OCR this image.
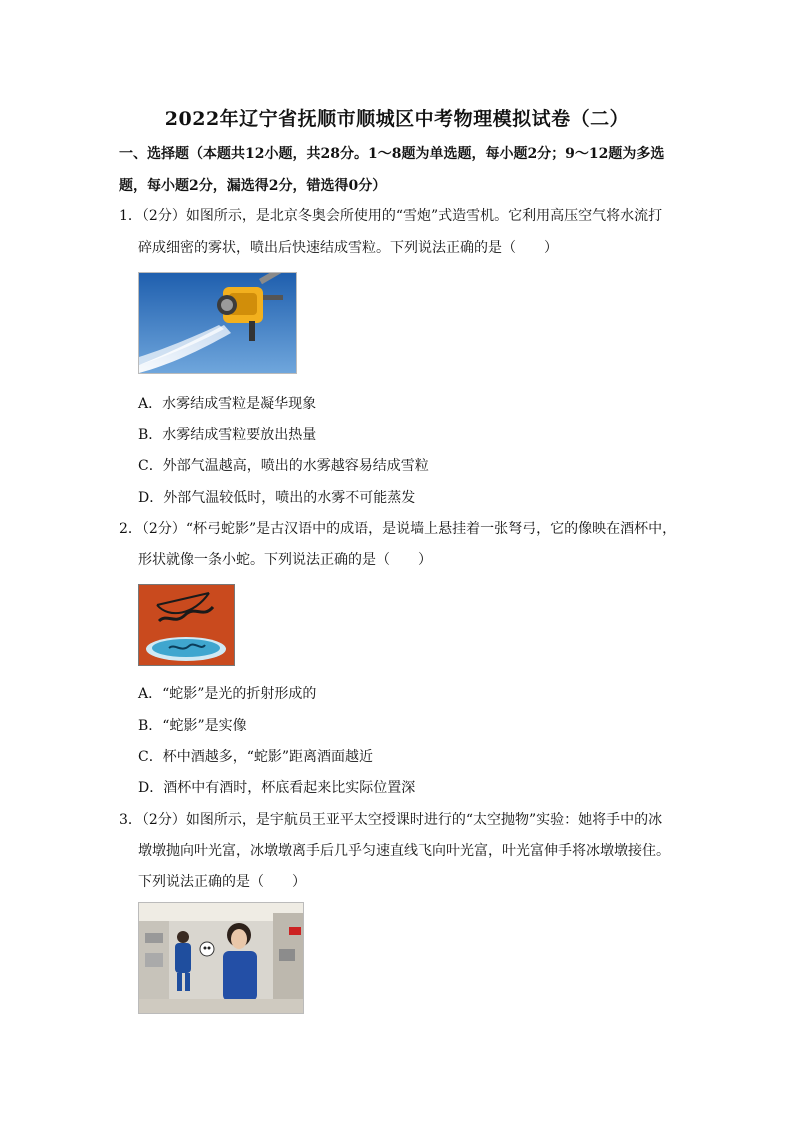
2022年辽宁省抚顺市顺城区中考物理模拟试卷（二）
一、选择题（本题共12小题，共28分。1～8题为单选题，每小题2分；9～12题为多选
题，每小题2分，漏选得2分，错选得0分）
1．（2分）如图所示，是北京冬奥会所使用的“雪炮”式造雪机。它利用高压空气将水流打
碎成细密的雾状，喷出后快速结成雪粒。下列说法正确的是（　　）
A．水雾结成雪粒是凝华现象
B．水雾结成雪粒要放出热量
C．外部气温越高，喷出的水雾越容易结成雪粒
D．外部气温较低时，喷出的水雾不可能蒸发
2．（2分）“杯弓蛇影”是古汉语中的成语，是说墙上悬挂着一张弩弓，它的像映在酒杯中，
形状就像一条小蛇。下列说法正确的是（　　）
A．“蛇影”是光的折射形成的
B．“蛇影”是实像
C．杯中酒越多，“蛇影”距离酒面越近
D．酒杯中有酒时，杯底看起来比实际位置深
3．（2分）如图所示，是宇航员王亚平太空授课时进行的“太空抛物”实验：她将手中的冰
墩墩抛向叶光富，冰墩墩离手后几乎匀速直线飞向叶光富，叶光富伸手将冰墩墩接住。
下列说法正确的是（　　）
